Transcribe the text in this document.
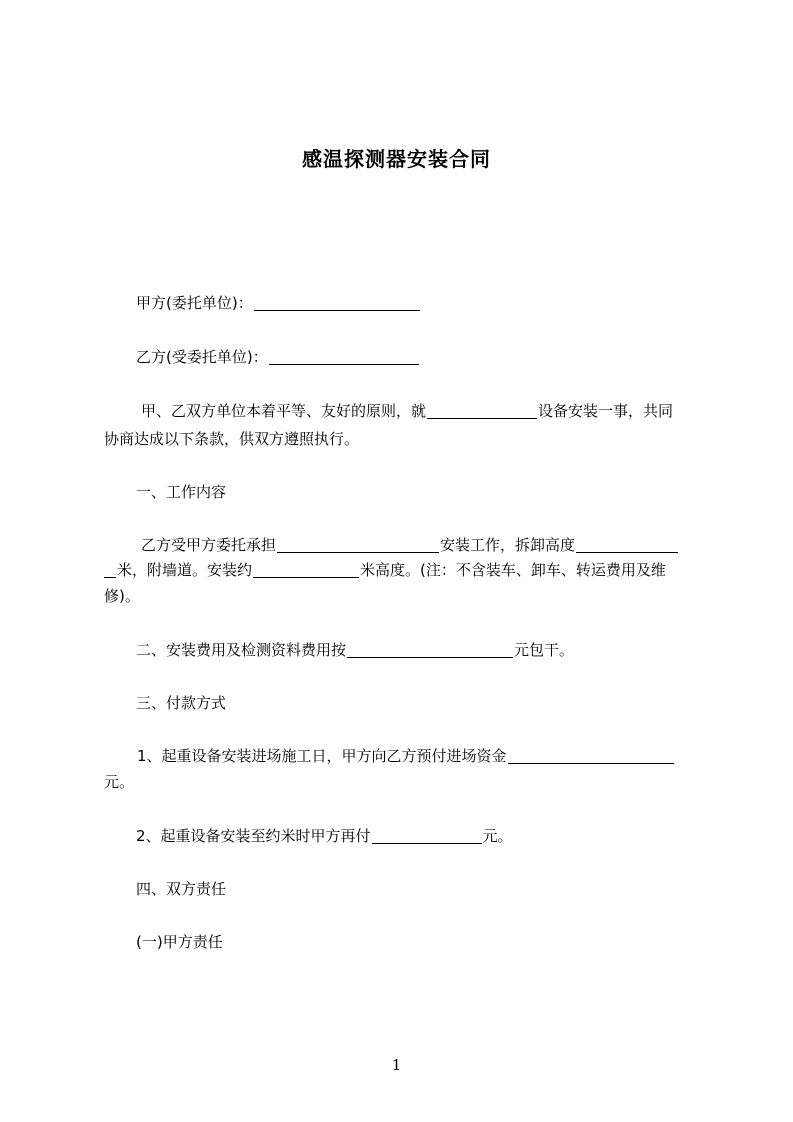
感温探测器安装合同
甲方(委托单位)：
乙方(受委托单位)：
甲、乙双方单位本着平等、友好的原则，就	设备安装一事，共同
协商达成以下条款，供双方遵照执行。
一、工作内容
乙方受甲方委托承担	安装工作，拆卸高度
米，附墙道。安装约	米高度。(注：不含装车、卸车、转运费用及维
修)。
二、安装费用及检测资料费用按	元包干。
三、付款方式
1、起重设备安装进场施工日，甲方向乙方预付进场资金
元。
2、起重设备安装至约米时甲方再付	元。
四、双方责任
(一)甲方责任
1
